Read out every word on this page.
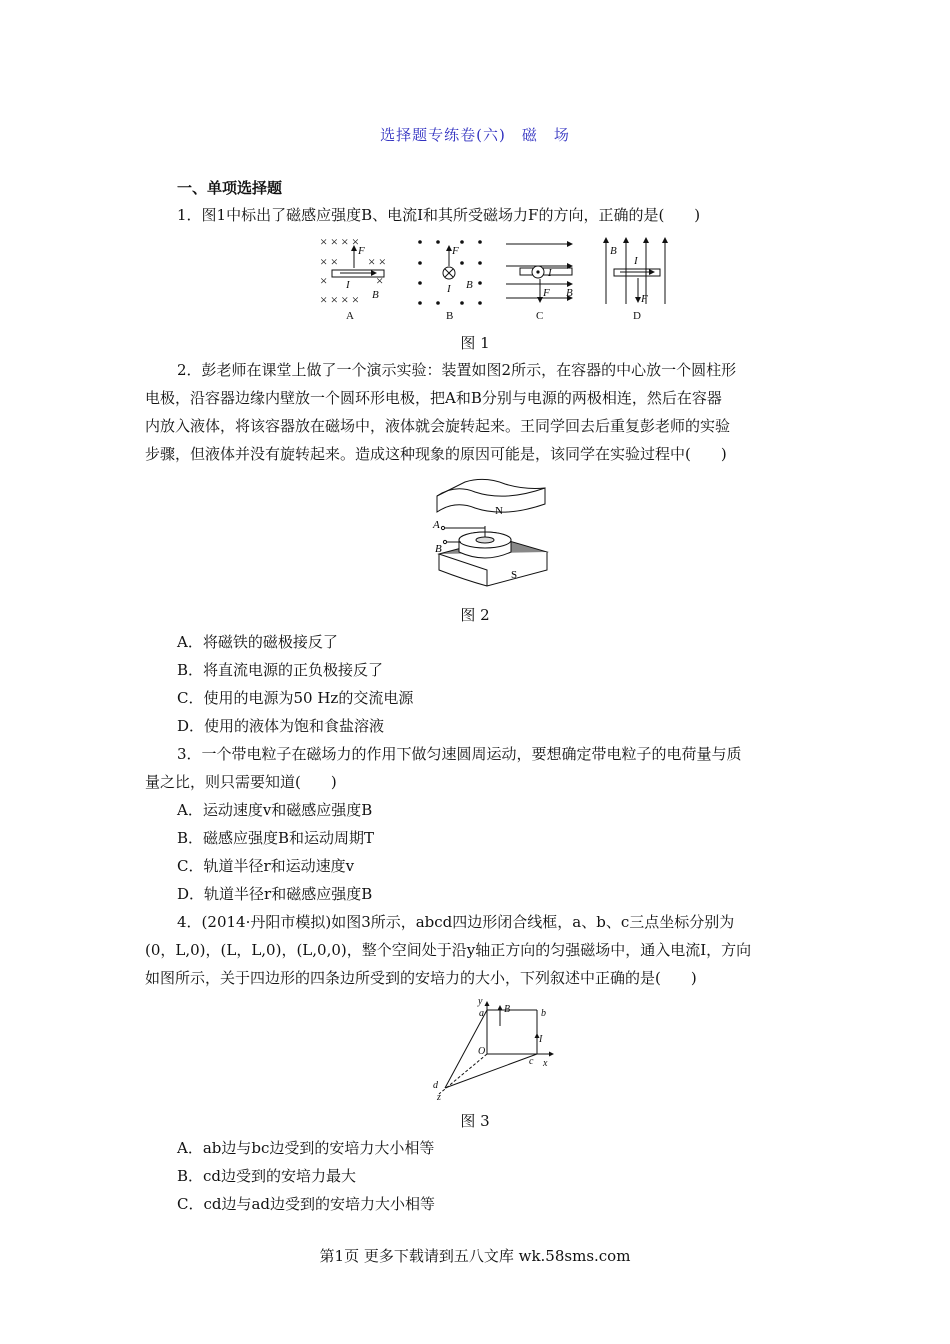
选择题专练卷(六)　磁　场
一、单项选择题
1．图1中标出了磁感应强度B、电流I和其所受磁场力F的方向，正确的是(　　)
× × × ×
× ×
×
× × × ×
× ×
×
F
I
B
A
F
I B
B
I
F B
C
B
I
F
D
图 1
2．彭老师在课堂上做了一个演示实验：装置如图2所示，在容器的中心放一个圆柱形
电极，沿容器边缘内壁放一个圆环形电极，把A和B分别与电源的两极相连，然后在容器
内放入液体，将该容器放在磁场中，液体就会旋转起来。王同学回去后重复彭老师的实验
步骤，但液体并没有旋转起来。造成这种现象的原因可能是，该同学在实验过程中(　　)
N
S
A
B
图 2
A．将磁铁的磁极接反了
B．将直流电源的正负极接反了
C．使用的电源为50 Hz的交流电源
D．使用的液体为饱和食盐溶液
3．一个带电粒子在磁场力的作用下做匀速圆周运动，要想确定带电粒子的电荷量与质
量之比，则只需要知道(　　)
A．运动速度v和磁感应强度B
B．磁感应强度B和运动周期T
C．轨道半径r和运动速度v
D．轨道半径r和磁感应强度B
4．(2014·丹阳市模拟)如图3所示，abcd四边形闭合线框，a、b、c三点坐标分别为
(0，L,0)，(L，L,0)，(L,0,0)，整个空间处于沿y轴正方向的匀强磁场中，通入电流I，方向
如图所示，关于四边形的四条边所受到的安培力的大小，下列叙述中正确的是(　　)
y
a	b
B
I
O
c x
d
z
图 3
A．ab边与bc边受到的安培力大小相等
B．cd边受到的安培力最大
C．cd边与ad边受到的安培力大小相等
第1页 更多下载请到五八文库 wk.58sms.com
